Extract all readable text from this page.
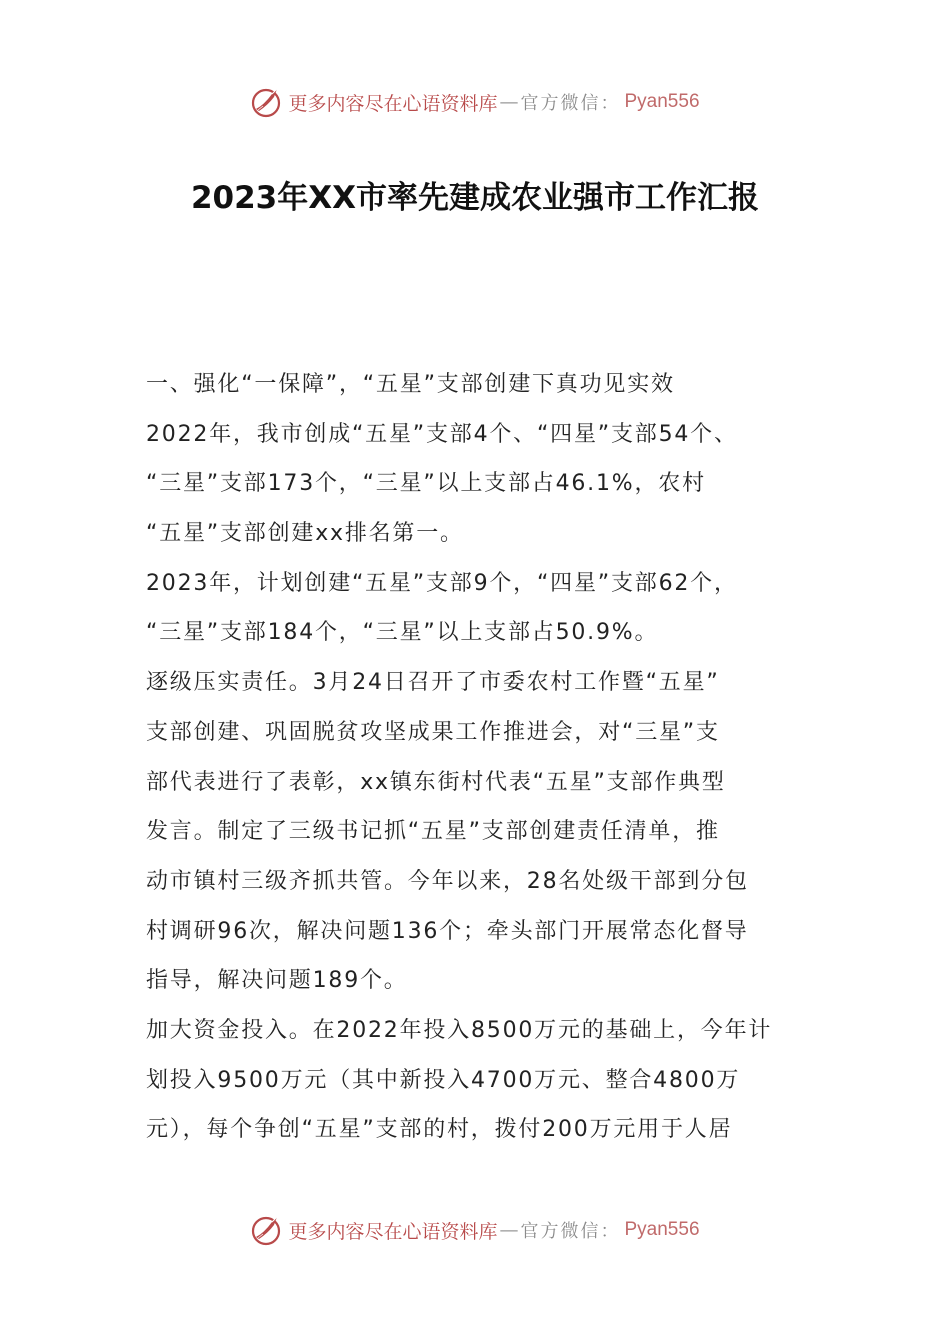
更多内容尽在心语资料库 — 官方微信： Pyan556
2023年XX市率先建成农业强市工作汇报
一、强化“一保障”，“五星”支部创建下真功见实效
2022年，我市创成“五星”支部4个、“四星”支部54个、
“三星”支部173个，“三星”以上支部占46.1%，农村
“五星”支部创建xx排名第一。
2023年，计划创建“五星”支部9个，“四星”支部62个，
“三星”支部184个，“三星”以上支部占50.9%。
逐级压实责任。3月24日召开了市委农村工作暨“五星”
支部创建、巩固脱贫攻坚成果工作推进会，对“三星”支
部代表进行了表彰，xx镇东街村代表“五星”支部作典型
发言。制定了三级书记抓“五星”支部创建责任清单，推
动市镇村三级齐抓共管。今年以来，28名处级干部到分包
村调研96次，解决问题136个；牵头部门开展常态化督导
指导，解决问题189个。
加大资金投入。在2022年投入8500万元的基础上，今年计
划投入9500万元（其中新投入4700万元、整合4800万
元），每个争创“五星”支部的村，拨付200万元用于人居
更多内容尽在心语资料库 — 官方微信： Pyan556
